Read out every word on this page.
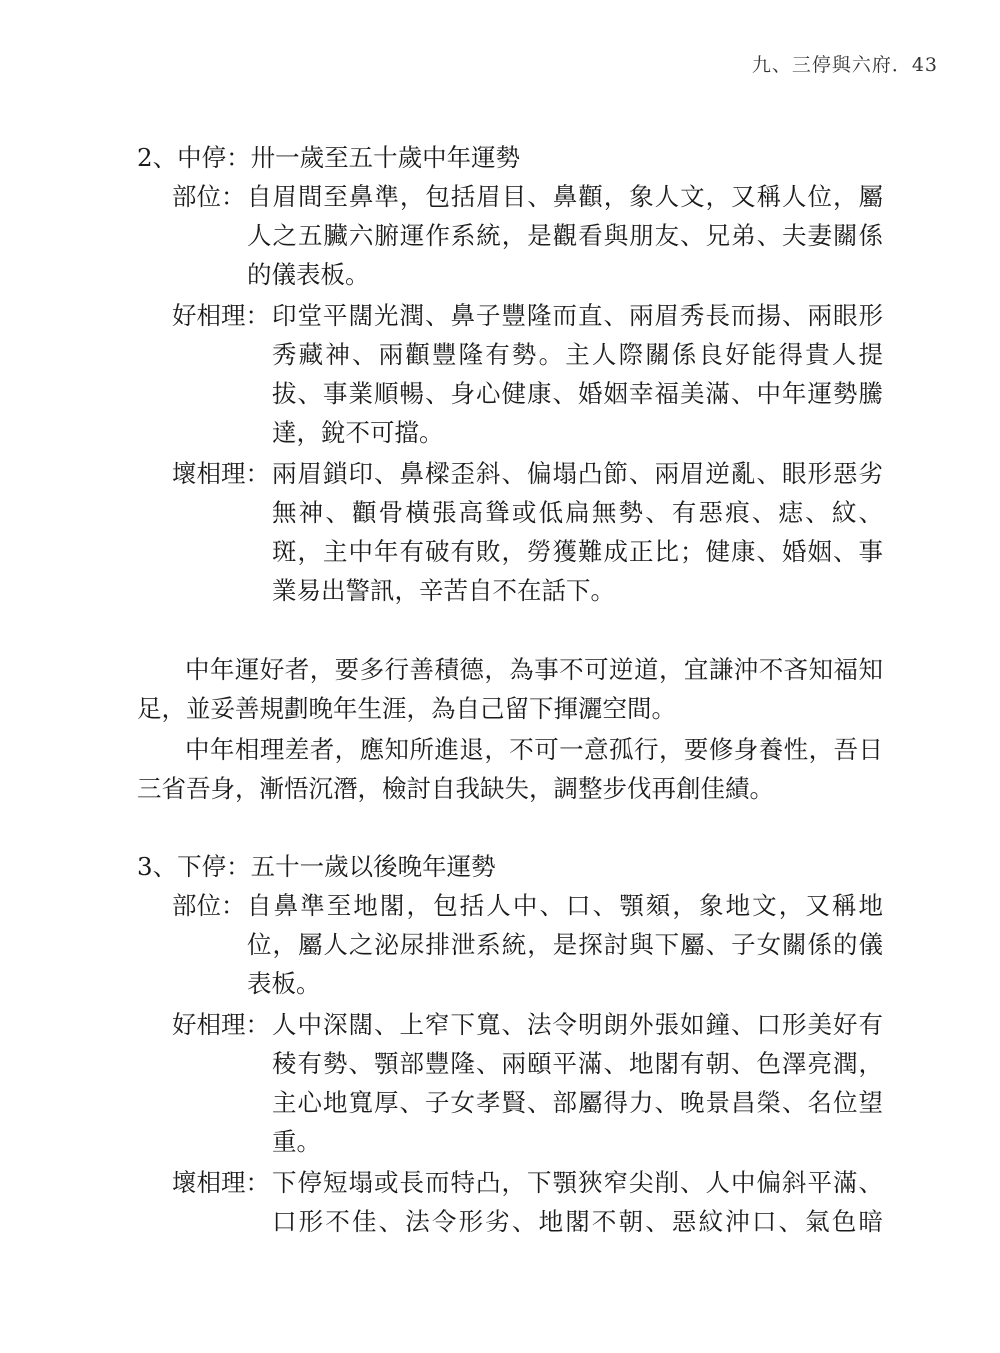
九、三停與六府．43
2、中停：卅一歲至五十歲中年運勢
部位： 自眉間至鼻準，包括眉目、鼻顴，象人文，又稱人位，屬
人之五臟六腑運作系統，是觀看與朋友、兄弟、夫妻關係
的儀表板。
好相理： 印堂平闊光潤、鼻子豐隆而直、兩眉秀長而揚、兩眼形
秀藏神、兩顴豐隆有勢。主人際關係良好能得貴人提
拔、事業順暢、身心健康、婚姻幸福美滿、中年運勢騰
達，銳不可擋。
壞相理： 兩眉鎖印、鼻樑歪斜、偏塌凸節、兩眉逆亂、眼形惡劣
無神、顴骨橫張高聳或低扁無勢、有惡痕、痣、紋、
斑，主中年有破有敗，勞獲難成正比；健康、婚姻、事
業易出警訊，辛苦自不在話下。
中年運好者，要多行善積德，為事不可逆道，宜謙沖不吝知福知
足，並妥善規劃晚年生涯，為自己留下揮灑空間。
中年相理差者，應知所進退，不可一意孤行，要修身養性，吾日
三省吾身，漸悟沉潛，檢討自我缺失，調整步伐再創佳績。
3、下停：五十一歲以後晚年運勢
部位： 自鼻準至地閣，包括人中、口、顎頦，象地文，又稱地
位，屬人之泌尿排泄系統，是探討與下屬、子女關係的儀
表板。
好相理： 人中深闊、上窄下寬、法令明朗外張如鐘、口形美好有
稜有勢、顎部豐隆、兩頤平滿、地閣有朝、色澤亮潤，
主心地寬厚、子女孝賢、部屬得力、晚景昌榮、名位望
重。
壞相理： 下停短塌或長而特凸，下顎狹窄尖削、人中偏斜平滿、
口形不佳、法令形劣、地閣不朝、惡紋沖口、氣色暗
